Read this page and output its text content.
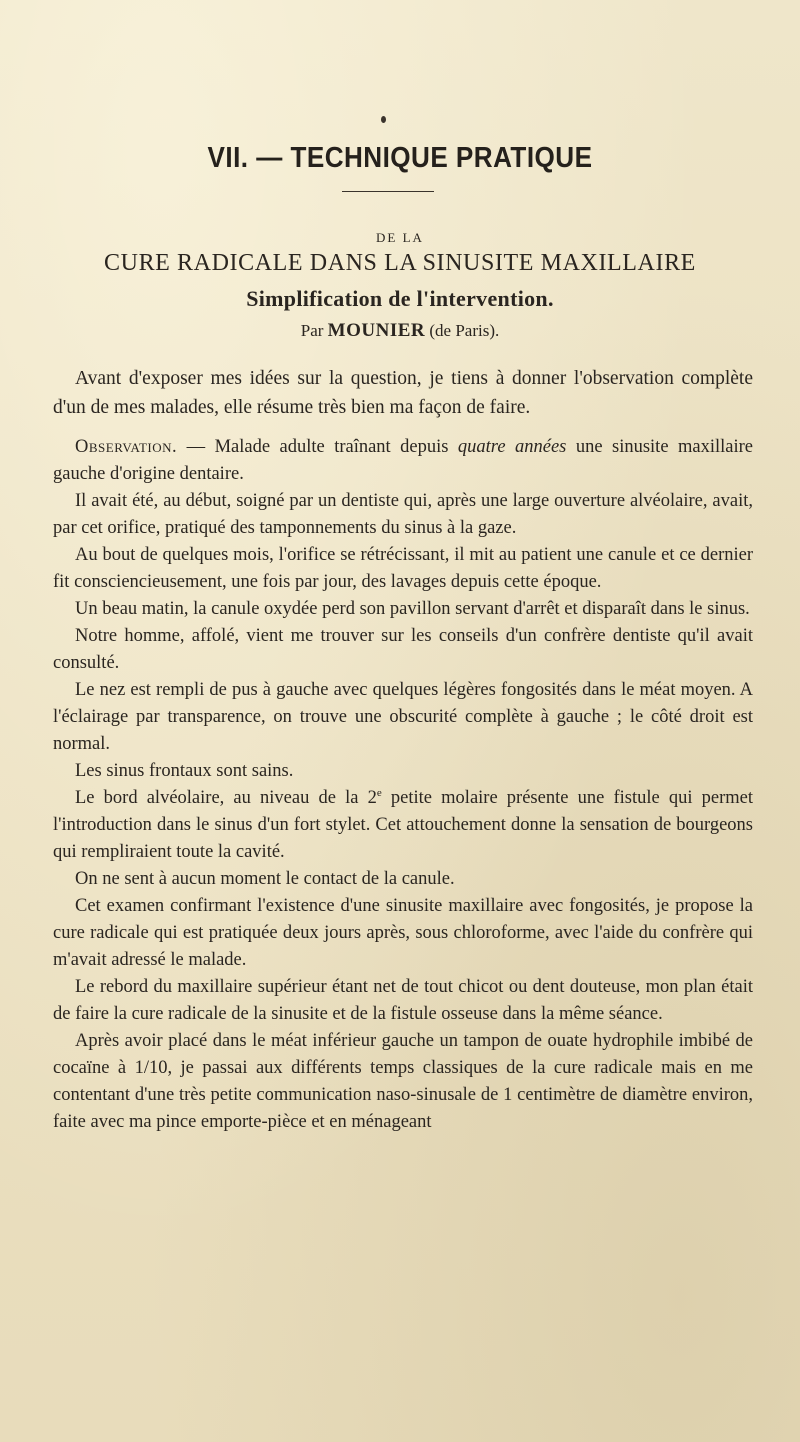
VII. — TECHNIQUE PRATIQUE
DE LA
CURE RADICALE DANS LA SINUSITE MAXILLAIRE
Simplification de l'intervention.
Par MOUNIER (de Paris).

Avant d'exposer mes idées sur la question, je tiens à donner l'observation complète d'un de mes malades, elle résume très bien ma façon de faire.

Observation. — Malade adulte traînant depuis quatre années une sinusite maxillaire gauche d'origine dentaire.

Il avait été, au début, soigné par un dentiste qui, après une large ouverture alvéolaire, avait, par cet orifice, pratiqué des tamponnements du sinus à la gaze.

Au bout de quelques mois, l'orifice se rétrécissant, il mit au patient une canule et ce dernier fit consciencieusement, une fois par jour, des lavages depuis cette époque.

Un beau matin, la canule oxydée perd son pavillon servant d'arrêt et disparaît dans le sinus.

Notre homme, affolé, vient me trouver sur les conseils d'un confrère dentiste qu'il avait consulté.

Le nez est rempli de pus à gauche avec quelques légères fongosités dans le méat moyen. A l'éclairage par transparence, on trouve une obscurité complète à gauche ; le côté droit est normal.

Les sinus frontaux sont sains.

Le bord alvéolaire, au niveau de la 2e petite molaire présente une fistule qui permet l'introduction dans le sinus d'un fort stylet. Cet attouchement donne la sensation de bourgeons qui rempliraient toute la cavité.

On ne sent à aucun moment le contact de la canule.

Cet examen confirmant l'existence d'une sinusite maxillaire avec fongosités, je propose la cure radicale qui est pratiquée deux jours après, sous chloroforme, avec l'aide du confrère qui m'avait adressé le malade.

Le rebord du maxillaire supérieur étant net de tout chicot ou dent douteuse, mon plan était de faire la cure radicale de la sinusite et de la fistule osseuse dans la même séance.

Après avoir placé dans le méat inférieur gauche un tampon de ouate hydrophile imbibé de cocaïne à 1/10, je passai aux différents temps classiques de la cure radicale mais en me contentant d'une très petite communication naso-sinusale de 1 centimètre de diamètre environ, faite avec ma pince emporte-pièce et en ménageant
